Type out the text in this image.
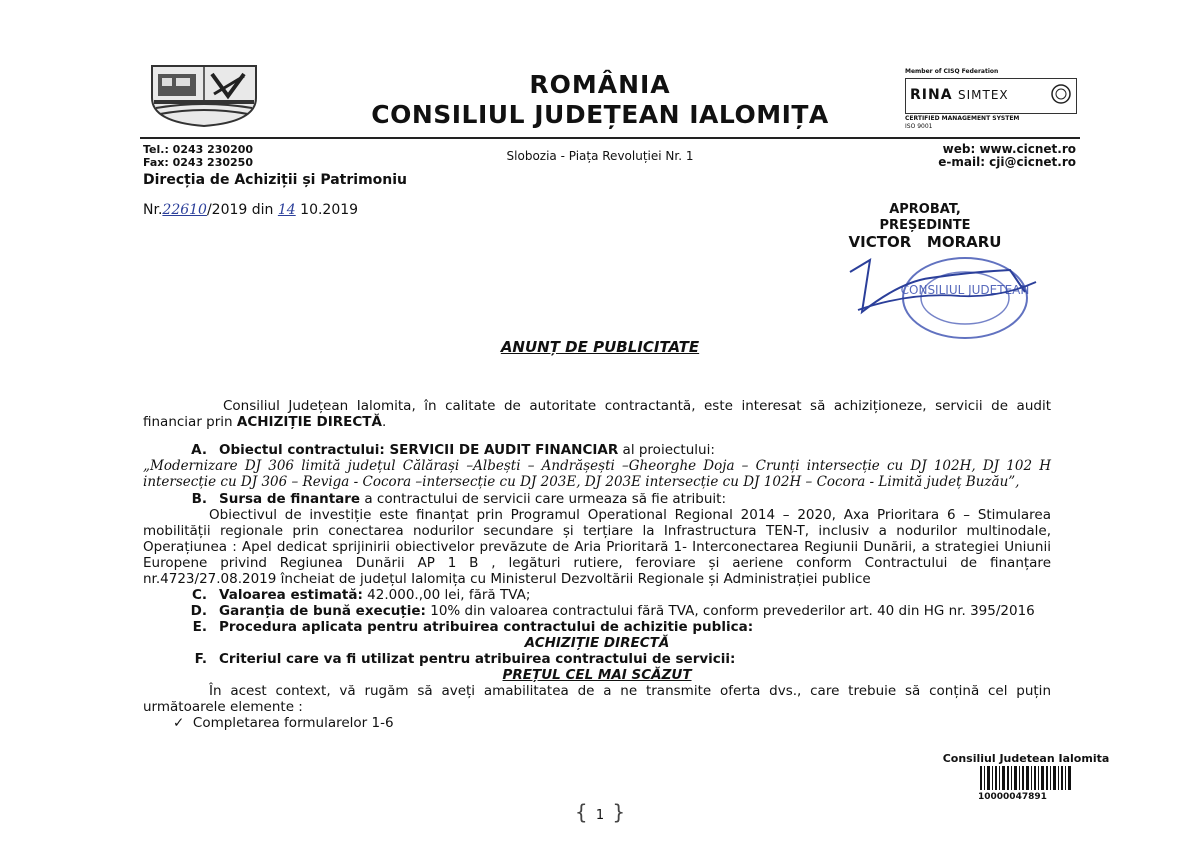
ROMÂNIA
CONSILIUL JUDEȚEAN IALOMIȚA
Member of CISQ Federation
RINA SIMTEX
CERTIFIED MANAGEMENT SYSTEM
ISO 9001
Tel.: 0243 230200
Fax: 0243 230250	Slobozia - Piața Revoluției Nr. 1	web: www.cicnet.ro
e-mail: cji@cicnet.ro
Direcția de Achiziții și Patrimoniu
Nr.22610/2019 din 14 10.2019	APROBAT,
PREȘEDINTE
VICTOR   MORARU
CONSILIUL JUDETEAN
ANUNȚ DE PUBLICITATE

Consiliul Județean Ialomita, în calitate de autoritate contractantă, este interesat să achiziționeze, servicii de audit financiar prin ACHIZIȚIE DIRECTĂ.

A. Obiectul contractului: SERVICII DE AUDIT FINANCIAR al proiectului:

„Modernizare DJ 306 limită județul Călărași –Albești – Andrășești –Gheorghe Doja – Crunți intersecție cu DJ 102H, DJ 102 H intersecție cu DJ 306 – Reviga - Cocora –intersecție cu DJ 203E, DJ 203E intersecție cu DJ 102H – Cocora - Limită județ Buzău”,

B. Sursa de finantare a contractului de servicii care urmeaza să fie atribuit:

Obiectivul de investiție este finanțat prin Programul Operational Regional 2014 – 2020, Axa Prioritara 6 – Stimularea mobilității regionale prin conectarea nodurilor secundare și terțiare la Infrastructura TEN-T, inclusiv a nodurilor multinodale, Operațiunea : Apel dedicat sprijinirii obiectivelor prevăzute de Aria Prioritară 1- Interconectarea Regiunii Dunării, a strategiei Uniunii Europene privind Regiunea Dunării AP 1 B , legături rutiere, feroviare și aeriene conform Contractului de finanțare nr.4723/27.08.2019 încheiat de județul Ialomița cu Ministerul Dezvoltării Regionale și Administrației publice

C. Valoarea estimată: 42.000.,00 lei, fără TVA;
D. Garanția de bună execuție: 10% din valoarea contractului fără TVA, conform prevederilor art. 40 din HG nr. 395/2016
E. Procedura aplicata pentru atribuirea contractului de achizitie publica:

ACHIZIȚIE DIRECTĂ

F. Criteriul care va fi utilizat pentru atribuirea contractului de servicii:

PREȚUL CEL MAI SCĂZUT

În acest context, vă rugăm să aveți amabilitatea de a ne transmite oferta dvs., care trebuie să conțină cel puțin următoarele elemente :

✓  Completarea formularelor 1-6

Consiliul Judetean Ialomita
10000047891
{ 1 }
